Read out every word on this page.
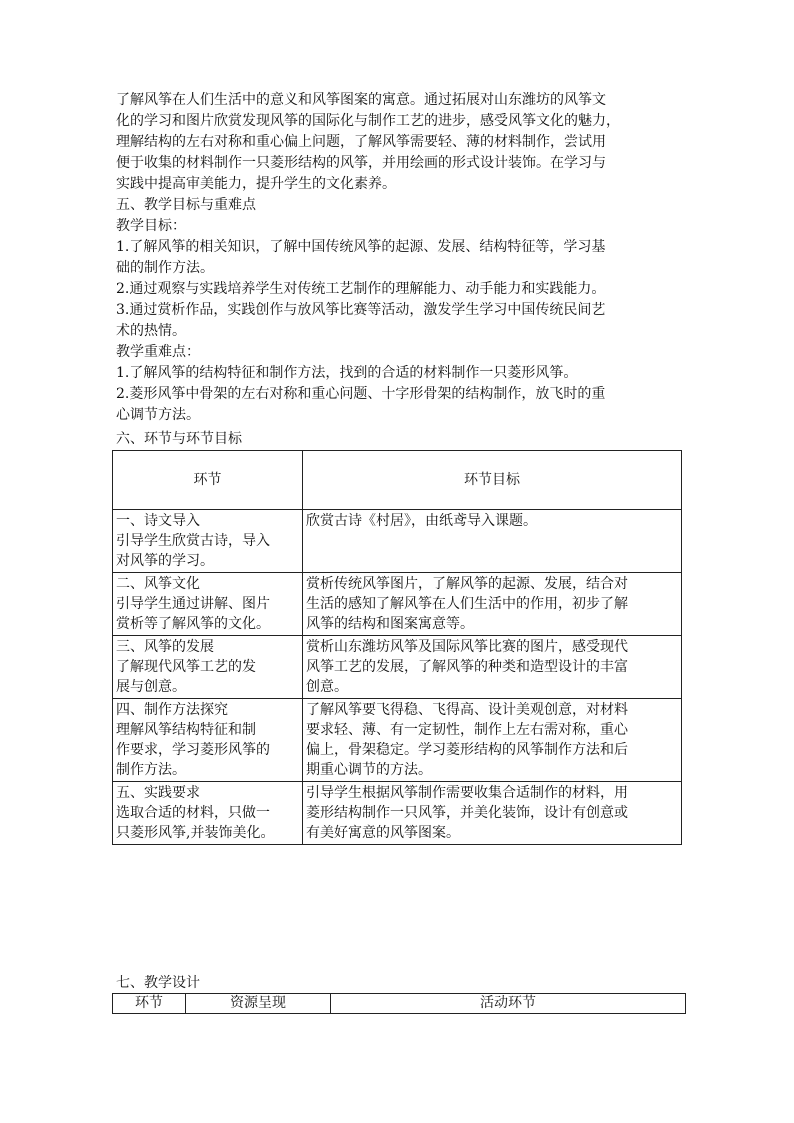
了解风筝在人们生活中的意义和风筝图案的寓意。通过拓展对山东潍坊的风筝文
化的学习和图片欣赏发现风筝的国际化与制作工艺的进步，感受风筝文化的魅力，
理解结构的左右对称和重心偏上问题，了解风筝需要轻、薄的材料制作，尝试用
便于收集的材料制作一只菱形结构的风筝，并用绘画的形式设计装饰。在学习与
实践中提高审美能力，提升学生的文化素养。
五、教学目标与重难点
教学目标：
1.了解风筝的相关知识，了解中国传统风筝的起源、发展、结构特征等，学习基
础的制作方法。
2.通过观察与实践培养学生对传统工艺制作的理解能力、动手能力和实践能力。
3.通过赏析作品，实践创作与放风筝比赛等活动，激发学生学习中国传统民间艺
术的热情。
教学重难点：
1.了解风筝的结构特征和制作方法，找到的合适的材料制作一只菱形风筝。
2.菱形风筝中骨架的左右对称和重心问题、十字形骨架的结构制作，放飞时的重
心调节方法。
六、环节与环节目标
环节	环节目标

一、诗文导入
引导学生欣赏古诗，导入
对风筝的学习。	欣赏古诗《村居》，由纸鸢导入课题。

二、风筝文化
引导学生通过讲解、图片
赏析等了解风筝的文化。	赏析传统风筝图片，了解风筝的起源、发展，结合对
生活的感知了解风筝在人们生活中的作用，初步了解
风筝的结构和图案寓意等。

三、风筝的发展
了解现代风筝工艺的发
展与创意。	赏析山东潍坊风筝及国际风筝比赛的图片，感受现代
风筝工艺的发展，了解风筝的种类和造型设计的丰富
创意。

四、制作方法探究
理解风筝结构特征和制
作要求，学习菱形风筝的
制作方法。	了解风筝要飞得稳、飞得高、设计美观创意，对材料
要求轻、薄、有一定韧性，制作上左右需对称，重心
偏上，骨架稳定。学习菱形结构的风筝制作方法和后
期重心调节的方法。

五、实践要求
选取合适的材料，只做一
只菱形风筝,并装饰美化。	引导学生根据风筝制作需要收集合适制作的材料，用
菱形结构制作一只风筝，并美化装饰，设计有创意或
有美好寓意的风筝图案。
七、教学设计
环节	资源呈现	活动环节
